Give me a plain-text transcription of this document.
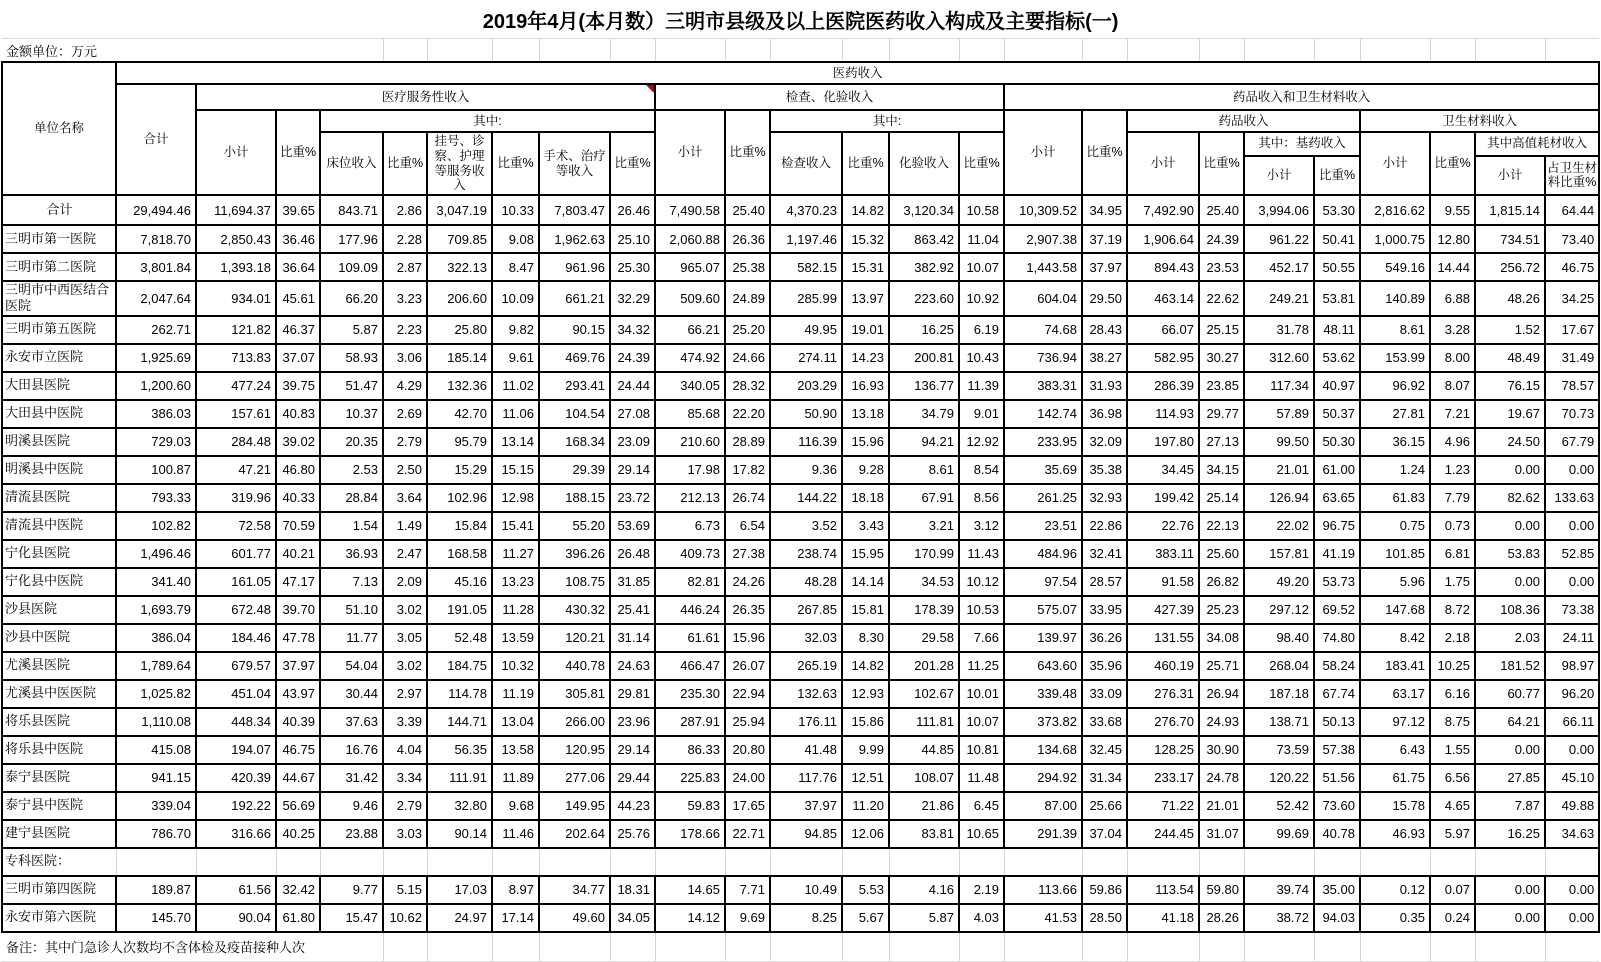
2019年4月(本月数）三明市县级及以上医院医药收入构成及主要指标(一)																									
金额单位：万元																									
单位名称	医药收入																								
	合计	医疗服务性收入								检查、化验收入						药品收入和卫生材料收入									
		小计	比重%	其中:						小计	比重%	其中:				小计	比重%	药品收入				卫生材料收入			
				床位收入	比重%	挂号、诊察、护理等服务收入	比重%	手术、治疗等收入	比重%			检查收入	比重%	化验收入	比重%			小计	比重%	其中：基药收入		小计	比重%	其中高值耗材收入	
																				小计	比重%			小计	占卫生材料比重%
合计	29,494.46	11,694.37	39.65	843.71	2.86	3,047.19	10.33	7,803.47	26.46	7,490.58	25.40	4,370.23	14.82	3,120.34	10.58	10,309.52	34.95	7,492.90	25.40	3,994.06	53.30	2,816.62	9.55	1,815.14	64.44
三明市第一医院	7,818.70	2,850.43	36.46	177.96	2.28	709.85	9.08	1,962.63	25.10	2,060.88	26.36	1,197.46	15.32	863.42	11.04	2,907.38	37.19	1,906.64	24.39	961.22	50.41	1,000.75	12.80	734.51	73.40
三明市第二医院	3,801.84	1,393.18	36.64	109.09	2.87	322.13	8.47	961.96	25.30	965.07	25.38	582.15	15.31	382.92	10.07	1,443.58	37.97	894.43	23.53	452.17	50.55	549.16	14.44	256.72	46.75
三明市中西医结合医院	2,047.64	934.01	45.61	66.20	3.23	206.60	10.09	661.21	32.29	509.60	24.89	285.99	13.97	223.60	10.92	604.04	29.50	463.14	22.62	249.21	53.81	140.89	6.88	48.26	34.25
三明市第五医院	262.71	121.82	46.37	5.87	2.23	25.80	9.82	90.15	34.32	66.21	25.20	49.95	19.01	16.25	6.19	74.68	28.43	66.07	25.15	31.78	48.11	8.61	3.28	1.52	17.67
永安市立医院	1,925.69	713.83	37.07	58.93	3.06	185.14	9.61	469.76	24.39	474.92	24.66	274.11	14.23	200.81	10.43	736.94	38.27	582.95	30.27	312.60	53.62	153.99	8.00	48.49	31.49
大田县医院	1,200.60	477.24	39.75	51.47	4.29	132.36	11.02	293.41	24.44	340.05	28.32	203.29	16.93	136.77	11.39	383.31	31.93	286.39	23.85	117.34	40.97	96.92	8.07	76.15	78.57
大田县中医院	386.03	157.61	40.83	10.37	2.69	42.70	11.06	104.54	27.08	85.68	22.20	50.90	13.18	34.79	9.01	142.74	36.98	114.93	29.77	57.89	50.37	27.81	7.21	19.67	70.73
明溪县医院	729.03	284.48	39.02	20.35	2.79	95.79	13.14	168.34	23.09	210.60	28.89	116.39	15.96	94.21	12.92	233.95	32.09	197.80	27.13	99.50	50.30	36.15	4.96	24.50	67.79
明溪县中医院	100.87	47.21	46.80	2.53	2.50	15.29	15.15	29.39	29.14	17.98	17.82	9.36	9.28	8.61	8.54	35.69	35.38	34.45	34.15	21.01	61.00	1.24	1.23	0.00	0.00
清流县医院	793.33	319.96	40.33	28.84	3.64	102.96	12.98	188.15	23.72	212.13	26.74	144.22	18.18	67.91	8.56	261.25	32.93	199.42	25.14	126.94	63.65	61.83	7.79	82.62	133.63
清流县中医院	102.82	72.58	70.59	1.54	1.49	15.84	15.41	55.20	53.69	6.73	6.54	3.52	3.43	3.21	3.12	23.51	22.86	22.76	22.13	22.02	96.75	0.75	0.73	0.00	0.00
宁化县医院	1,496.46	601.77	40.21	36.93	2.47	168.58	11.27	396.26	26.48	409.73	27.38	238.74	15.95	170.99	11.43	484.96	32.41	383.11	25.60	157.81	41.19	101.85	6.81	53.83	52.85
宁化县中医院	341.40	161.05	47.17	7.13	2.09	45.16	13.23	108.75	31.85	82.81	24.26	48.28	14.14	34.53	10.12	97.54	28.57	91.58	26.82	49.20	53.73	5.96	1.75	0.00	0.00
沙县医院	1,693.79	672.48	39.70	51.10	3.02	191.05	11.28	430.32	25.41	446.24	26.35	267.85	15.81	178.39	10.53	575.07	33.95	427.39	25.23	297.12	69.52	147.68	8.72	108.36	73.38
沙县中医院	386.04	184.46	47.78	11.77	3.05	52.48	13.59	120.21	31.14	61.61	15.96	32.03	8.30	29.58	7.66	139.97	36.26	131.55	34.08	98.40	74.80	8.42	2.18	2.03	24.11
尤溪县医院	1,789.64	679.57	37.97	54.04	3.02	184.75	10.32	440.78	24.63	466.47	26.07	265.19	14.82	201.28	11.25	643.60	35.96	460.19	25.71	268.04	58.24	183.41	10.25	181.52	98.97
尤溪县中医医院	1,025.82	451.04	43.97	30.44	2.97	114.78	11.19	305.81	29.81	235.30	22.94	132.63	12.93	102.67	10.01	339.48	33.09	276.31	26.94	187.18	67.74	63.17	6.16	60.77	96.20
将乐县医院	1,110.08	448.34	40.39	37.63	3.39	144.71	13.04	266.00	23.96	287.91	25.94	176.11	15.86	111.81	10.07	373.82	33.68	276.70	24.93	138.71	50.13	97.12	8.75	64.21	66.11
将乐县中医院	415.08	194.07	46.75	16.76	4.04	56.35	13.58	120.95	29.14	86.33	20.80	41.48	9.99	44.85	10.81	134.68	32.45	128.25	30.90	73.59	57.38	6.43	1.55	0.00	0.00
泰宁县医院	941.15	420.39	44.67	31.42	3.34	111.91	11.89	277.06	29.44	225.83	24.00	117.76	12.51	108.07	11.48	294.92	31.34	233.17	24.78	120.22	51.56	61.75	6.56	27.85	45.10
泰宁县中医院	339.04	192.22	56.69	9.46	2.79	32.80	9.68	149.95	44.23	59.83	17.65	37.97	11.20	21.86	6.45	87.00	25.66	71.22	21.01	52.42	73.60	15.78	4.65	7.87	49.88
建宁县医院	786.70	316.66	40.25	23.88	3.03	90.14	11.46	202.64	25.76	178.66	22.71	94.85	12.06	83.81	10.65	291.39	37.04	244.45	31.07	99.69	40.78	46.93	5.97	16.25	34.63
专科医院：																									
三明市第四医院	189.87	61.56	32.42	9.77	5.15	17.03	8.97	34.77	18.31	14.65	7.71	10.49	5.53	4.16	2.19	113.66	59.86	113.54	59.80	39.74	35.00	0.12	0.07	0.00	0.00
永安市第六医院	145.70	90.04	61.80	15.47	10.62	24.97	17.14	49.60	34.05	14.12	9.69	8.25	5.67	5.87	4.03	41.53	28.50	41.18	28.26	38.72	94.03	0.35	0.24	0.00	0.00
备注：其中门急诊人次数均不含体检及疫苗接种人次																									
